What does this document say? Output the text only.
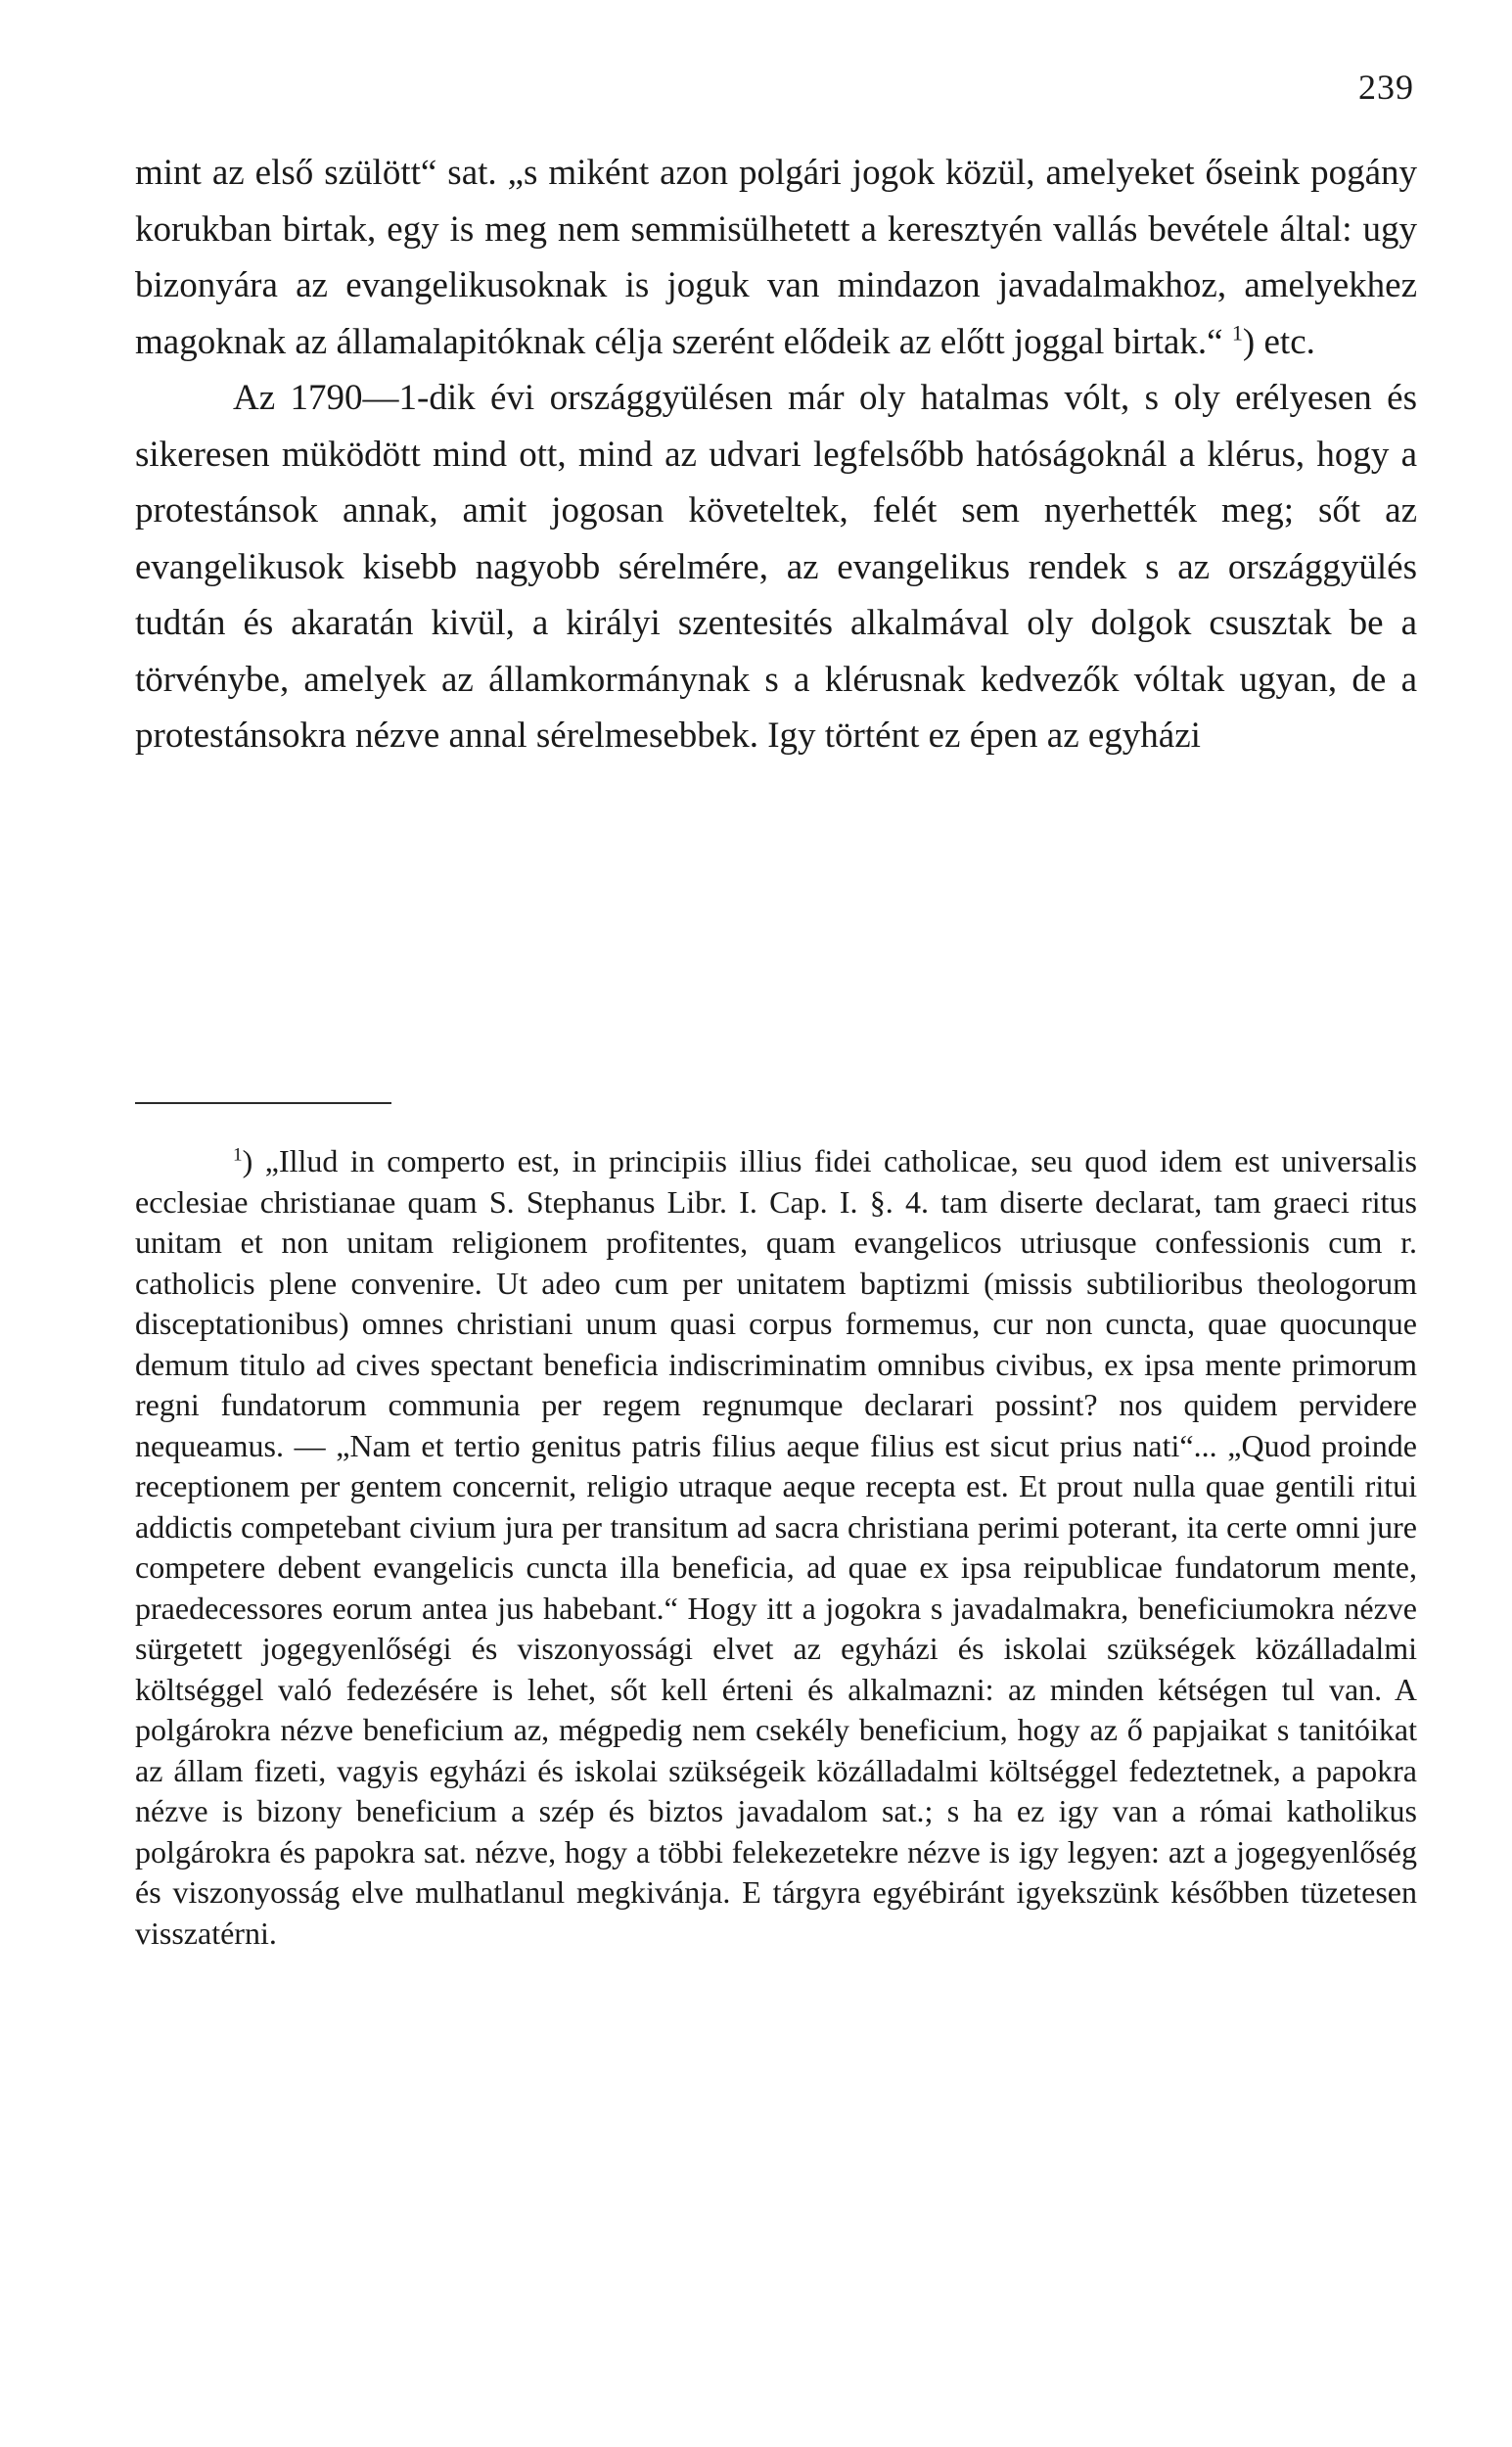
239

mint az első szülött“ sat. „s miként azon polgári jogok közül, amelyeket őseink pogány korukban birtak, egy is meg nem semmisülhetett a keresztyén vallás bevétele által: ugy bizonyára az evangelikusoknak is joguk van mindazon javadalmakhoz, amelyekhez magoknak az államalapitóknak célja szerént elődeik az előtt joggal birtak.“ $^1$) etc.

Az 1790—1-dik évi országgyülésen már oly hatalmas vólt, s oly erélyesen és sikeresen müködött mind ott, mind az udvari legfelsőbb hatóságoknál a klérus, hogy a protestánsok annak, amit jogosan követeltek, felét sem nyerhették meg; sőt az evangelikusok kisebb nagyobb sérelmére, az evangelikus rendek s az országgyülés tudtán és akaratán kivül, a királyi szentesités alkalmával oly dolgok csusztak be a törvénybe, amelyek az államkormánynak s a klérusnak kedvezők vóltak ugyan, de a protestánsokra nézve annal sérelmesebbek. Igy történt ez épen az egyházi

$^1$) „Illud in comperto est, in principiis illius fidei catholicae, seu quod idem est universalis ecclesiae christianae quam S. Stephanus Libr. I. Cap. I. §. 4. tam diserte declarat, tam graeci ritus unitam et non unitam religionem profitentes, quam evangelicos utriusque confessionis cum r. catholicis plene convenire. Ut adeo cum per unitatem baptizmi (missis subtilioribus theologorum disceptationibus) omnes christiani unum quasi corpus formemus, cur non cuncta, quae quocunque demum titulo ad cives spectant beneficia indiscriminatim omnibus civibus, ex ipsa mente primorum regni fundatorum communia per regem regnumque declarari possint? nos quidem pervidere nequeamus. — „Nam et tertio genitus patris filius aeque filius est sicut prius nati“... „Quod proinde receptionem per gentem concernit, religio utraque aeque recepta est. Et prout nulla quae gentili ritui addictis competebant civium jura per transitum ad sacra christiana perimi poterant, ita certe omni jure competere debent evangelicis cuncta illa beneficia, ad quae ex ipsa reipublicae fundatorum mente, praedecessores eorum antea jus habebant.“ Hogy itt a jogokra s javadalmakra, beneficiumokra nézve sürgetett jogegyenlőségi és viszonyossági elvet az egyházi és iskolai szükségek közálladalmi költséggel való fedezésére is lehet, sőt kell érteni és alkalmazni: az minden kétségen tul van. A polgárokra nézve beneficium az, mégpedig nem csekély beneficium, hogy az ő papjaikat s tanitóikat az állam fizeti, vagyis egyházi és iskolai szükségeik közálladalmi költséggel fedeztetnek, a papokra nézve is bizony beneficium a szép és biztos javadalom sat.; s ha ez igy van a római katholikus polgárokra és papokra sat. nézve, hogy a többi felekezetekre nézve is igy legyen: azt a jogegyenlőség és viszonyosság elve mulhatlanul megkivánja. E tárgyra egyébiránt igyekszünk későbben tüzetesen visszatérni.
